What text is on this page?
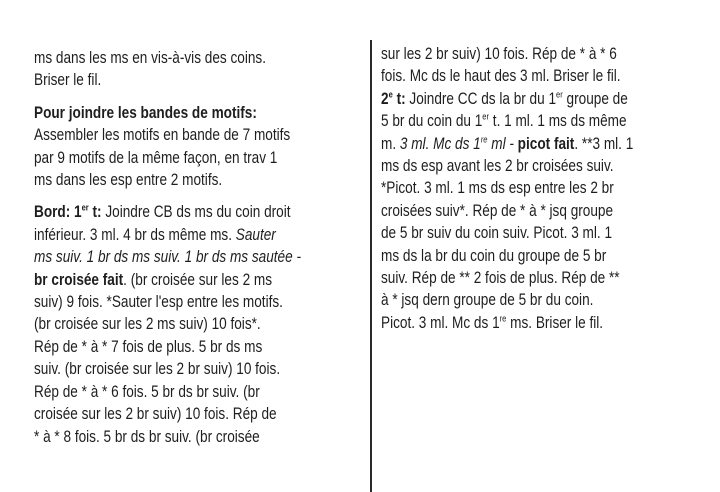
ms dans les ms en vis-à-vis des coins.
Briser le fil.
Pour joindre les bandes de motifs:
Assembler les motifs en bande de 7 motifs
par 9 motifs de la même façon, en trav 1
ms dans les esp entre 2 motifs.
Bord: 1er t: Joindre CB ds ms du coin droit
inférieur. 3 ml. 4 br ds même ms. Sauter
ms suiv. 1 br ds ms suiv. 1 br ds ms sautée -
br croisée fait. (br croisée sur les 2 ms
suiv) 9 fois. *Sauter l'esp entre les motifs.
(br croisée sur les 2 ms suiv) 10 fois*.
Rép de * à * 7 fois de plus. 5 br ds ms
suiv. (br croisée sur les 2 br suiv) 10 fois.
Rép de * à * 6 fois. 5 br ds br suiv. (br
croisée sur les 2 br suiv) 10 fois. Rép de
* à * 8 fois. 5 br ds br suiv. (br croisée
sur les 2 br suiv) 10 fois. Rép de * à * 6
fois. Mc ds le haut des 3 ml. Briser le fil.
2e t: Joindre CC ds la br du 1er groupe de
5 br du coin du 1er t. 1 ml. 1 ms ds même
m. 3 ml. Mc ds 1re ml - picot fait. **3 ml. 1
ms ds esp avant les 2 br croisées suiv.
*Picot. 3 ml. 1 ms ds esp entre les 2 br
croisées suiv*. Rép de * à * jsq groupe
de 5 br suiv du coin suiv. Picot. 3 ml. 1
ms ds la br du coin du groupe de 5 br
suiv. Rép de ** 2 fois de plus. Rép de **
à * jsq dern groupe de 5 br du coin.
Picot. 3 ml. Mc ds 1re ms. Briser le fil.
